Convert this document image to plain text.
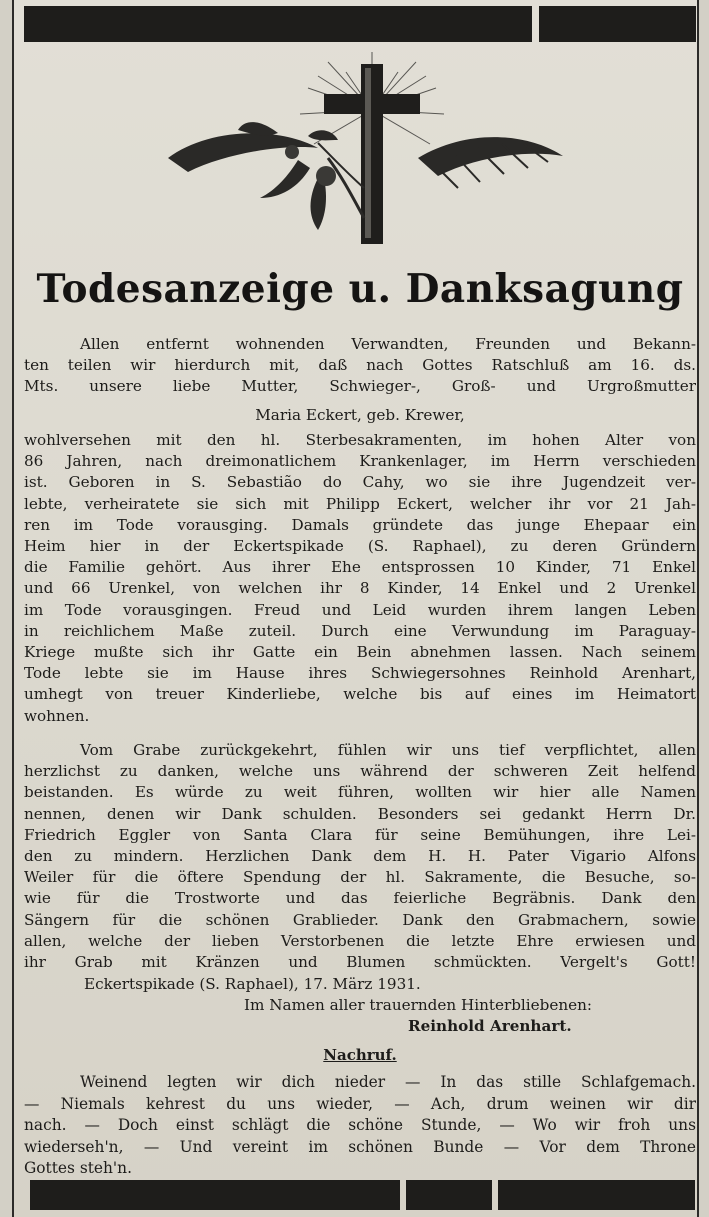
Todesanzeige u. Danksagung
Allen entfernt wohnenden Verwandten, Freunden und Bekann-
ten teilen wir hierdurch mit, daß nach Gottes Ratschluß am 16. ds.
Mts. unsere liebe Mutter, Schwieger-, Groß- und Urgroßmutter

Maria Eckert, geb. Krewer,

wohlversehen mit den hl. Sterbesakramenten, im hohen Alter von
86 Jahren, nach dreimonatlichem Krankenlager, im Herrn verschieden
ist. Geboren in S. Sebastião do Cahy, wo sie ihre Jugendzeit ver-
lebte, verheiratete sie sich mit Philipp Eckert, welcher ihr vor 21 Jah-
ren im Tode vorausging. Damals gründete das junge Ehepaar ein
Heim hier in der Eckertspikade (S. Raphael), zu deren Gründern
die Familie gehört. Aus ihrer Ehe entsprossen 10 Kinder, 71 Enkel
und 66 Urenkel, von welchen ihr 8 Kinder, 14 Enkel und 2 Urenkel
im Tode vorausgingen. Freud und Leid wurden ihrem langen Leben
in reichlichem Maße zuteil. Durch eine Verwundung im Paraguay-
Kriege mußte sich ihr Gatte ein Bein abnehmen lassen. Nach seinem
Tode lebte sie im Hause ihres Schwiegersohnes Reinhold Arenhart,
umhegt von treuer Kinderliebe, welche bis auf eines im Heimatort
wohnen.
Vom Grabe zurückgekehrt, fühlen wir uns tief verpflichtet, allen
herzlichst zu danken, welche uns während der schweren Zeit helfend
beistanden. Es würde zu weit führen, wollten wir hier alle Namen
nennen, denen wir Dank schulden. Besonders sei gedankt Herrn Dr.
Friedrich Eggler von Santa Clara für seine Bemühungen, ihre Lei-
den zu mindern. Herzlichen Dank dem H. H. Pater Vigario Alfons
Weiler für die öftere Spendung der hl. Sakramente, die Besuche, so-
wie für die Trostworte und das feierliche Begräbnis. Dank den
Sängern für die schönen Grablieder. Dank den Grabmachern, sowie
allen, welche der lieben Verstorbenen die letzte Ehre erwiesen und
ihr Grab mit Kränzen und Blumen schmückten. Vergelt's Gott!
Eckertspikade (S. Raphael), 17. März 1931.
Im Namen aller trauernden Hinterbliebenen:
Reinhold Arenhart.
Nachruf.
Weinend legten wir dich nieder — In das stille Schlafgemach.
— Niemals kehrest du uns wieder, — Ach, drum weinen wir dir
nach. — Doch einst schlägt die schöne Stunde, — Wo wir froh uns
wiederseh'n, — Und vereint im schönen Bunde — Vor dem Throne
Gottes steh'n.
